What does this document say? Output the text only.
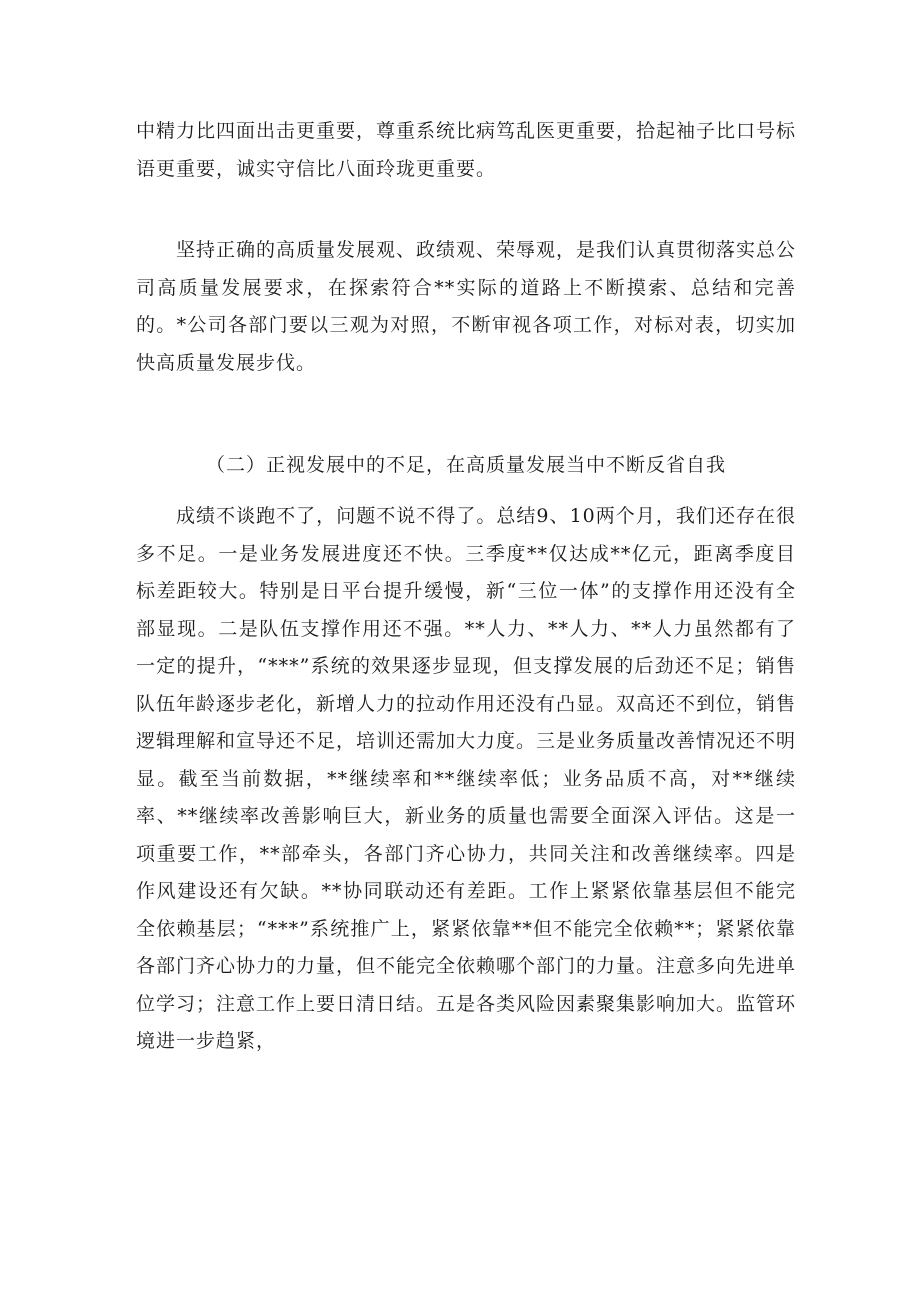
中精力比四面出击更重要，尊重系统比病笃乱医更重要，拾起袖子比口号标语更重要，诚实守信比八面玲珑更重要。

坚持正确的高质量发展观、政绩观、荣辱观，是我们认真贯彻落实总公司高质量发展要求，在探索符合**实际的道路上不断摸索、总结和完善的。*公司各部门要以三观为对照，不断审视各项工作，对标对表，切实加快高质量发展步伐。

（二）正视发展中的不足，在高质量发展当中不断反省自我

成绩不谈跑不了，问题不说不得了。总结9、10两个月，我们还存在很多不足。一是业务发展进度还不快。三季度**仅达成**亿元，距离季度目标差距较大。特别是日平台提升缓慢，新“三位一体”的支撑作用还没有全部显现。二是队伍支撑作用还不强。**人力、**人力、**人力虽然都有了一定的提升，“***”系统的效果逐步显现，但支撑发展的后劲还不足；销售队伍年龄逐步老化，新增人力的拉动作用还没有凸显。双高还不到位，销售逻辑理解和宣导还不足，培训还需加大力度。三是业务质量改善情况还不明显。截至当前数据，**继续率和**继续率低；业务品质不高，对**继续率、**继续率改善影响巨大，新业务的质量也需要全面深入评估。这是一项重要工作，**部牵头，各部门齐心协力，共同关注和改善继续率。四是作风建设还有欠缺。**协同联动还有差距。工作上紧紧依靠基层但不能完全依赖基层；“***”系统推广上，紧紧依靠**但不能完全依赖**；紧紧依靠各部门齐心协力的力量，但不能完全依赖哪个部门的力量。注意多向先进单位学习；注意工作上要日清日结。五是各类风险因素聚集影响加大。监管环境进一步趋紧，
